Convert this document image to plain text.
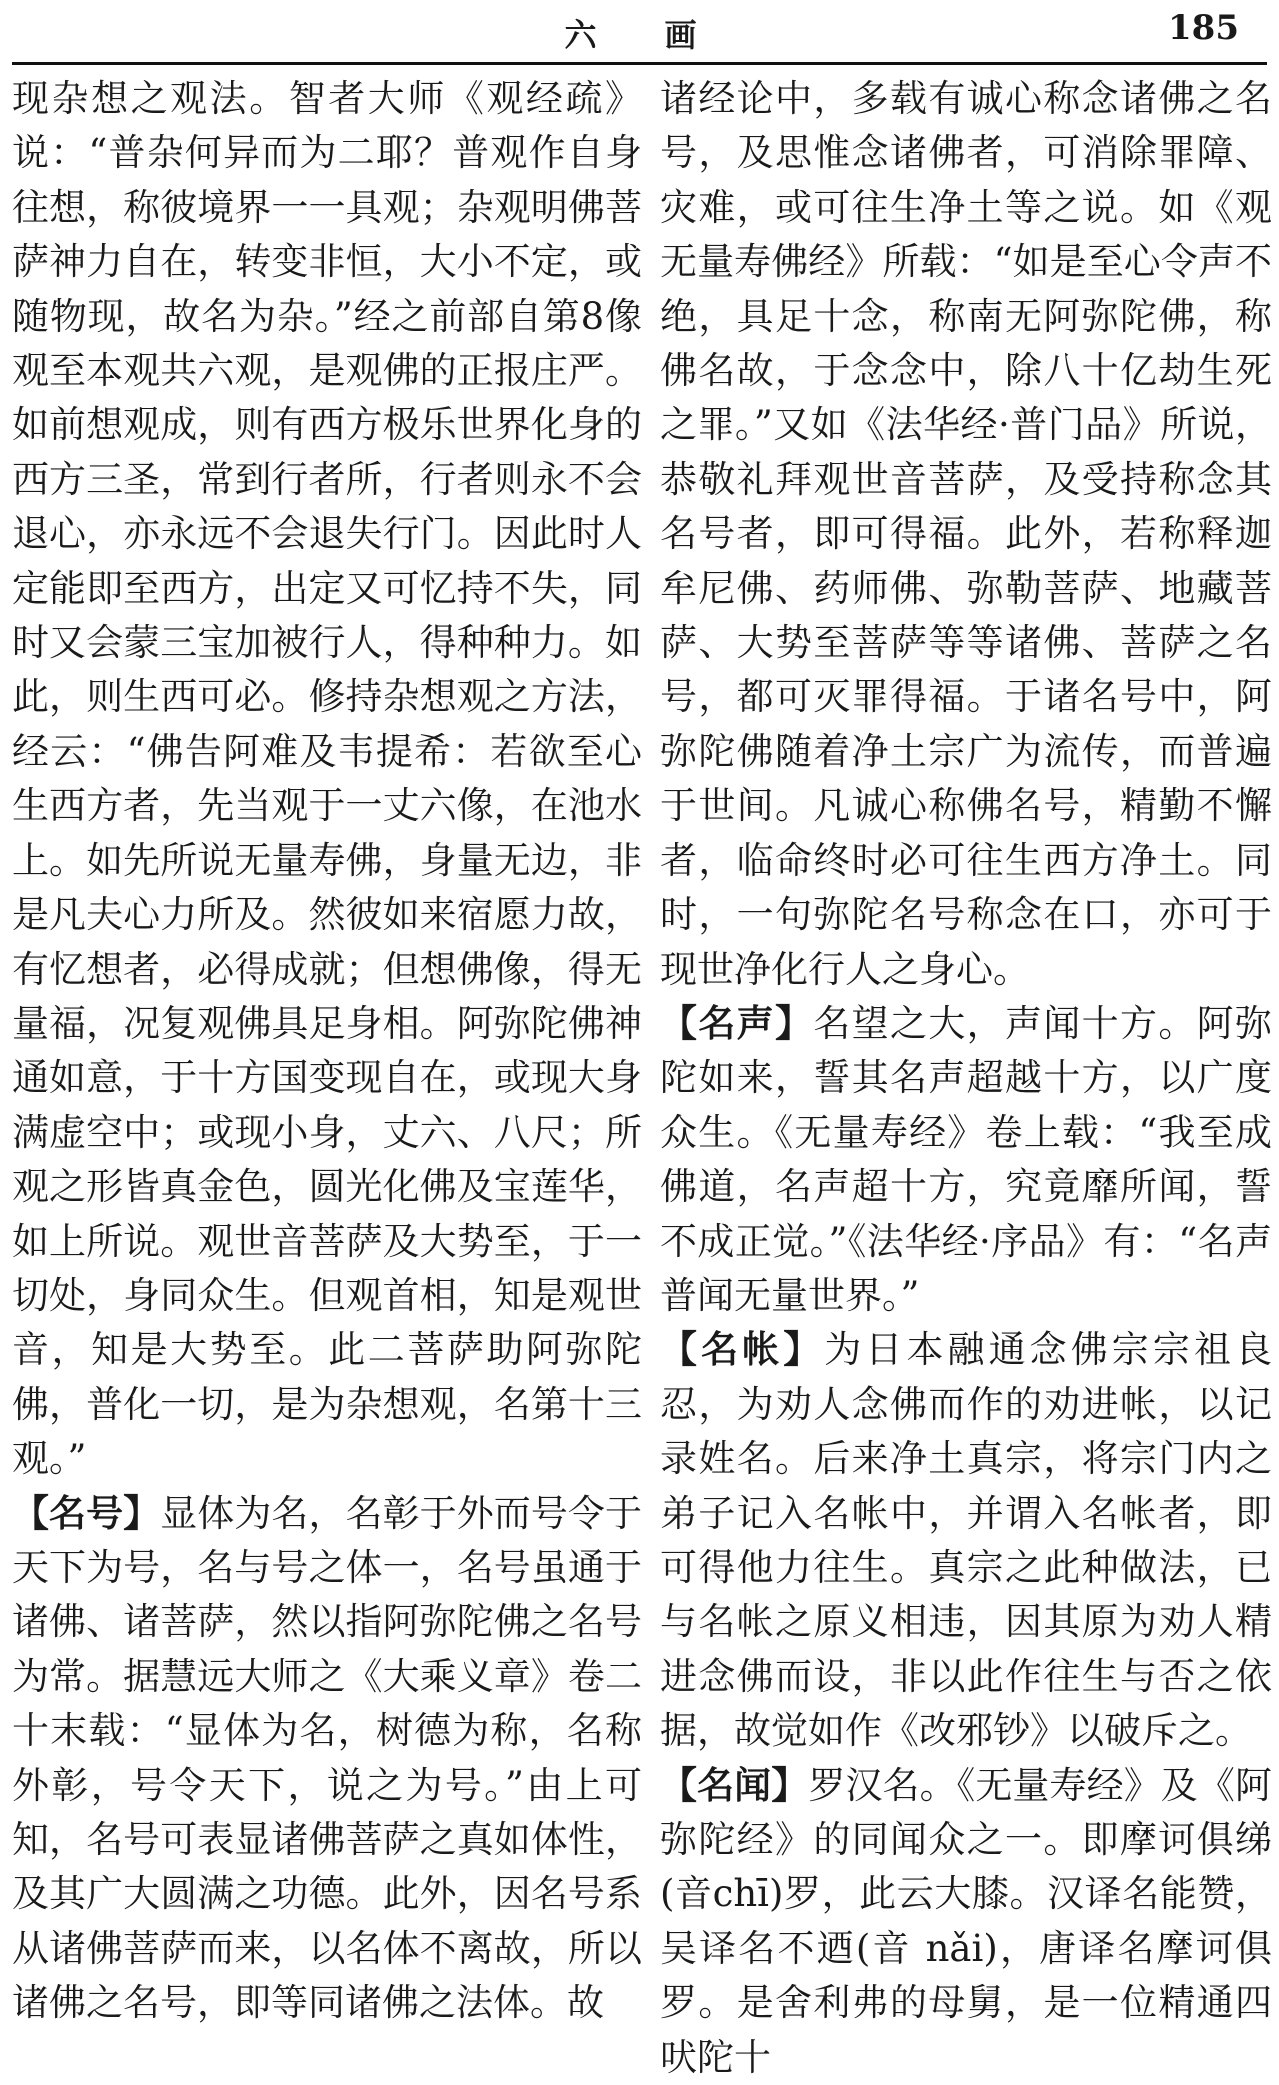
六　画	185

现杂想之观法。智者大师《观经疏》说：“普杂何异而为二耶？普观作自身往想，称彼境界一一具观；杂观明佛菩萨神力自在，转变非恒，大小不定，或随物现，故名为杂。”经之前部自第8像观至本观共六观，是观佛的正报庄严。如前想观成，则有西方极乐世界化身的西方三圣，常到行者所，行者则永不会退心，亦永远不会退失行门。因此时人定能即至西方，出定又可忆持不失，同时又会蒙三宝加被行人，得种种力。如此，则生西可必。修持杂想观之方法，经云：“佛告阿难及韦提希：若欲至心生西方者，先当观于一丈六像，在池水上。如先所说无量寿佛，身量无边，非是凡夫心力所及。然彼如来宿愿力故，有忆想者，必得成就；但想佛像，得无量福，况复观佛具足身相。阿弥陀佛神通如意，于十方国变现自在，或现大身满虚空中；或现小身，丈六、八尺；所观之形皆真金色，圆光化佛及宝莲华，如上所说。观世音菩萨及大势至，于一切处，身同众生。但观首相，知是观世音，知是大势至。此二菩萨助阿弥陀佛，普化一切，是为杂想观，名第十三观。”

【名号】显体为名，名彰于外而号令于天下为号，名与号之体一，名号虽通于诸佛、诸菩萨，然以指阿弥陀佛之名号为常。据慧远大师之《大乘义章》卷二十末载：“显体为名，树德为称，名称外彰，号令天下，说之为号。”由上可知，名号可表显诸佛菩萨之真如体性，及其广大圆满之功德。此外，因名号系从诸佛菩萨而来，以名体不离故，所以诸佛之名号，即等同诸佛之法体。故

诸经论中，多载有诚心称念诸佛之名号，及思惟念诸佛者，可消除罪障、灾难，或可往生净土等之说。如《观无量寿佛经》所载：“如是至心令声不绝，具足十念，称南无阿弥陀佛，称佛名故，于念念中，除八十亿劫生死之罪。”又如《法华经·普门品》所说，恭敬礼拜观世音菩萨，及受持称念其名号者，即可得福。此外，若称释迦牟尼佛、药师佛、弥勒菩萨、地藏菩萨、大势至菩萨等等诸佛、菩萨之名号，都可灭罪得福。于诸名号中，阿弥陀佛随着净土宗广为流传，而普遍于世间。凡诚心称佛名号，精勤不懈者，临命终时必可往生西方净土。同时，一句弥陀名号称念在口，亦可于现世净化行人之身心。

【名声】名望之大，声闻十方。阿弥陀如来，誓其名声超越十方，以广度众生。《无量寿经》卷上载：“我至成佛道，名声超十方，究竟靡所闻，誓不成正觉。”《法华经·序品》有：“名声普闻无量世界。”

【名帐】为日本融通念佛宗宗祖良忍，为劝人念佛而作的劝进帐，以记录姓名。后来净土真宗，将宗门内之弟子记入名帐中，并谓入名帐者，即可得他力往生。真宗之此种做法，已与名帐之原义相违，因其原为劝人精进念佛而设，非以此作往生与否之依据，故觉如作《改邪钞》以破斥之。

【名闻】罗汉名。《无量寿经》及《阿弥陀经》的同闻众之一。即摩诃俱绨(音chī)罗，此云大膝。汉译名能赞，吴译名不迺(音 nǎi)，唐译名摩诃俱罗。是舍利弗的母舅，是一位精通四吠陀十
